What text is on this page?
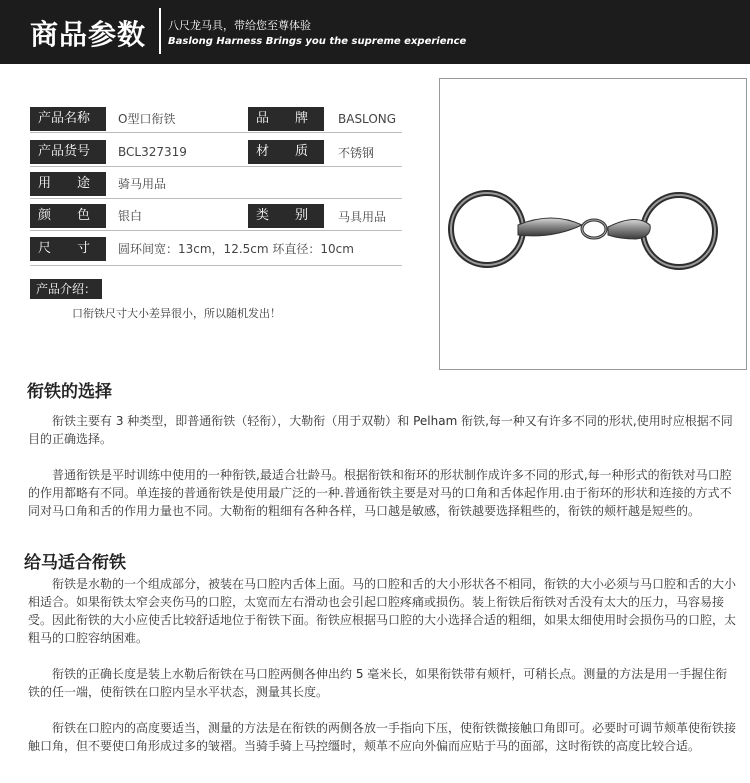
商品参数 八尺龙马具，带给您至尊体验
Baslong Harness Brings you the supreme experience
产品名称	O型口衔铁	品　　牌	BASLONG
产品货号	BCL327319	材　　质	不锈钢
用　　途	骑马用品
颜　　色	银白	类　　别	马具用品
尺　　寸	圆环间宽：13cm，12.5cm 环直径：10cm
产品介绍：
口衔铁尺寸大小差异很小，所以随机发出！
衔铁的选择

衔铁主要有 3 种类型，即普通衔铁（轻衔），大勒衔（用于双勒）和 Pelham 衔铁,每一种又有许多不同的形状,使用时应根据不同目的正确选择。

普通衔铁是平时训练中使用的一种衔铁,最适合壮龄马。根据衔铁和衔环的形状制作成许多不同的形式,每一种形式的衔铁对马口腔的作用都略有不同。单连接的普通衔铁是使用最广泛的一种.普通衔铁主要是对马的口角和舌体起作用.由于衔环的形状和连接的方式不同对马口角和舌的作用力量也不同。大勒衔的粗细有各种各样，马口越是敏感，衔铁越要选择粗些的，衔铁的颊杆越是短些的。

给马适合衔铁

衔铁是水勒的一个组成部分，被装在马口腔内舌体上面。马的口腔和舌的大小形状各不相同，衔铁的大小必须与马口腔和舌的大小相适合。如果衔铁太窄会夹伤马的口腔，太宽而左右滑动也会引起口腔疼痛或损伤。装上衔铁后衔铁对舌没有太大的压力，马容易接受。因此衔铁的大小应使舌比较舒适地位于衔铁下面。衔铁应根据马口腔的大小选择合适的粗细，如果太细使用时会损伤马的口腔，太粗马的口腔容纳困难。

衔铁的正确长度是装上水勒后衔铁在马口腔两侧各伸出约 5 毫米长，如果衔铁带有颊杆，可稍长点。测量的方法是用一手握住衔铁的任一端，使衔铁在口腔内呈水平状态，测量其长度。

衔铁在口腔内的高度要适当，测量的方法是在衔铁的两侧各放一手指向下压，使衔铁微接触口角即可。必要时可调节颊革使衔铁接触口角，但不要使口角形成过多的皱褶。当骑手骑上马控缰时，颊革不应向外偏而应贴于马的面部，这时衔铁的高度比较合适。
